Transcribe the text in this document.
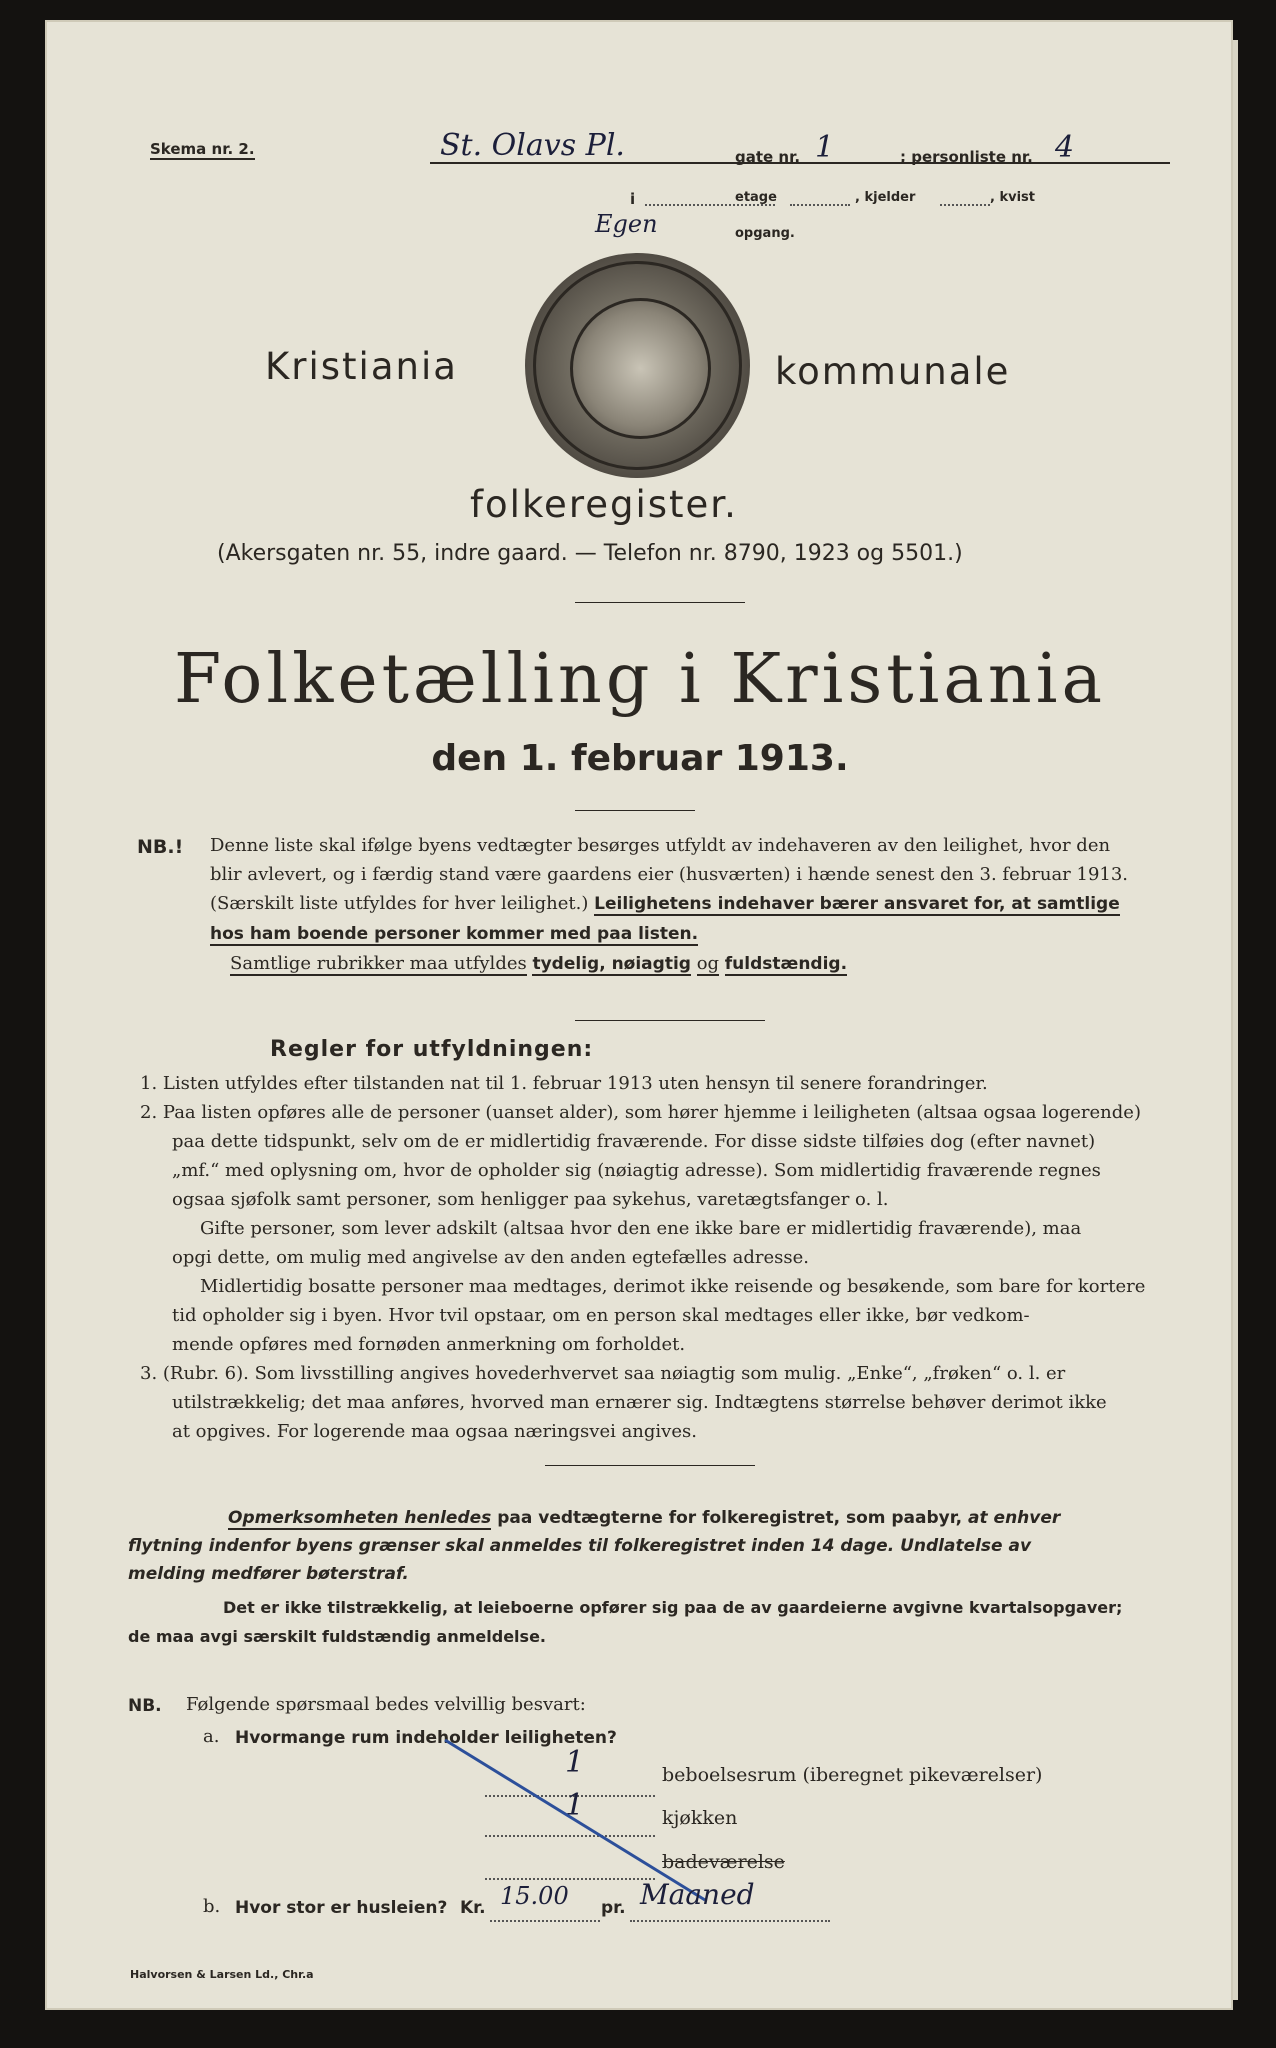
Skema nr. 2.	St. Olavs Pl.	gate nr. 1	; personliste nr. 4
i	etage	, kjelder	, kvist
Egen	opgang.
Kristiania	kommunale
folkeregister.
(Akersgaten nr. 55, indre gaard. — Telefon nr. 8790, 1923 og 5501.)
Folketælling i Kristiania
den 1. februar 1913.
NB.! Denne liste skal ifølge byens vedtægter besørges utfyldt av indehaveren av den leilighet, hvor den
blir avlevert, og i færdig stand være gaardens eier (husværten) i hænde senest den 3. februar 1913.
(Særskilt liste utfyldes for hver leilighet.) Leilighetens indehaver bærer ansvaret for, at samtlige
hos ham boende personer kommer med paa listen.
Samtlige rubrikker maa utfyldes tydelig, nøiagtig og fuldstændig.
Regler for utfyldningen:
1. Listen utfyldes efter tilstanden nat til 1. februar 1913 uten hensyn til senere forandringer.
2. Paa listen opføres alle de personer (uanset alder), som hører hjemme i leiligheten (altsaa ogsaa logerende)
paa dette tidspunkt, selv om de er midlertidig fraværende. For disse sidste tilføies dog (efter navnet)
„mf.“ med oplysning om, hvor de opholder sig (nøiagtig adresse). Som midlertidig fraværende regnes
ogsaa sjøfolk samt personer, som henligger paa sykehus, varetægtsfanger o. l.
Gifte personer, som lever adskilt (altsaa hvor den ene ikke bare er midlertidig fraværende), maa
opgi dette, om mulig med angivelse av den anden egtefælles adresse.
Midlertidig bosatte personer maa medtages, derimot ikke reisende og besøkende, som bare for kortere
tid opholder sig i byen. Hvor tvil opstaar, om en person skal medtages eller ikke, bør vedkom-
mende opføres med fornøden anmerkning om forholdet.
3. (Rubr. 6). Som livsstilling angives hovederhvervet saa nøiagtig som mulig. „Enke“, „frøken“ o. l. er
utilstrækkelig; det maa anføres, hvorved man ernærer sig. Indtægtens størrelse behøver derimot ikke
at opgives. For logerende maa ogsaa næringsvei angives.
Opmerksomheten henledes paa vedtægterne for folkeregistret, som paabyr, at enhver
flytning indenfor byens grænser skal anmeldes til folkeregistret inden 14 dage. Undlatelse av
melding medfører bøterstraf.
Det er ikke tilstrækkelig, at leieboerne opfører sig paa de av gaardeierne avgivne kvartalsopgaver;
de maa avgi særskilt fuldstændig anmeldelse.
NB. Følgende spørsmaal bedes velvillig besvart:
a. Hvormange rum indeholder leiligheten?
1	beboelsesrum (iberegnet pikeværelser)
1	kjøkken
badeværelse
b. Hvor stor er husleien? Kr. 15.00 pr. Maaned
Halvorsen & Larsen Ld., Chr.a
